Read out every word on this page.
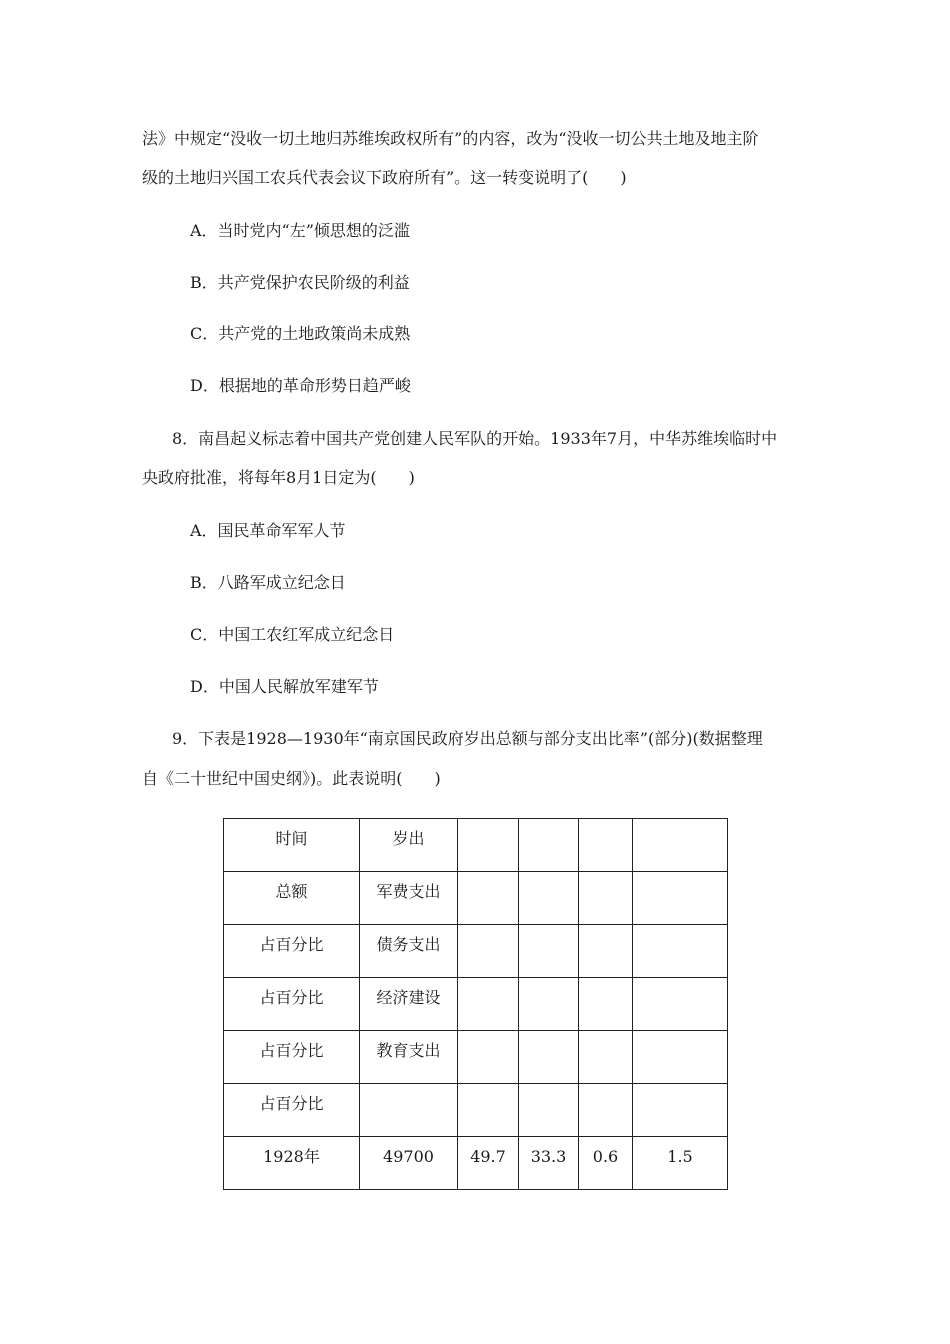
法》中规定“没收一切土地归苏维埃政权所有”的内容，改为“没收一切公共土地及地主阶
级的土地归兴国工农兵代表会议下政府所有”。这一转变说明了(　　)
A．当时党内“左”倾思想的泛滥
B．共产党保护农民阶级的利益
C．共产党的土地政策尚未成熟
D．根据地的革命形势日趋严峻
8．南昌起义标志着中国共产党创建人民军队的开始。1933年7月，中华苏维埃临时中
央政府批准，将每年8月1日定为(　　)
A．国民革命军军人节
B．八路军成立纪念日
C．中国工农红军成立纪念日
D．中国人民解放军建军节
9．下表是1928—1930年“南京国民政府岁出总额与部分支出比率”(部分)(数据整理
自《二十世纪中国史纲》)。此表说明(　　)
时间	岁出				
总额	军费支出				
占百分比	债务支出				
占百分比	经济建设				
占百分比	教育支出				
占百分比					
1928年	49700	49.7	33.3	0.6	1.5
